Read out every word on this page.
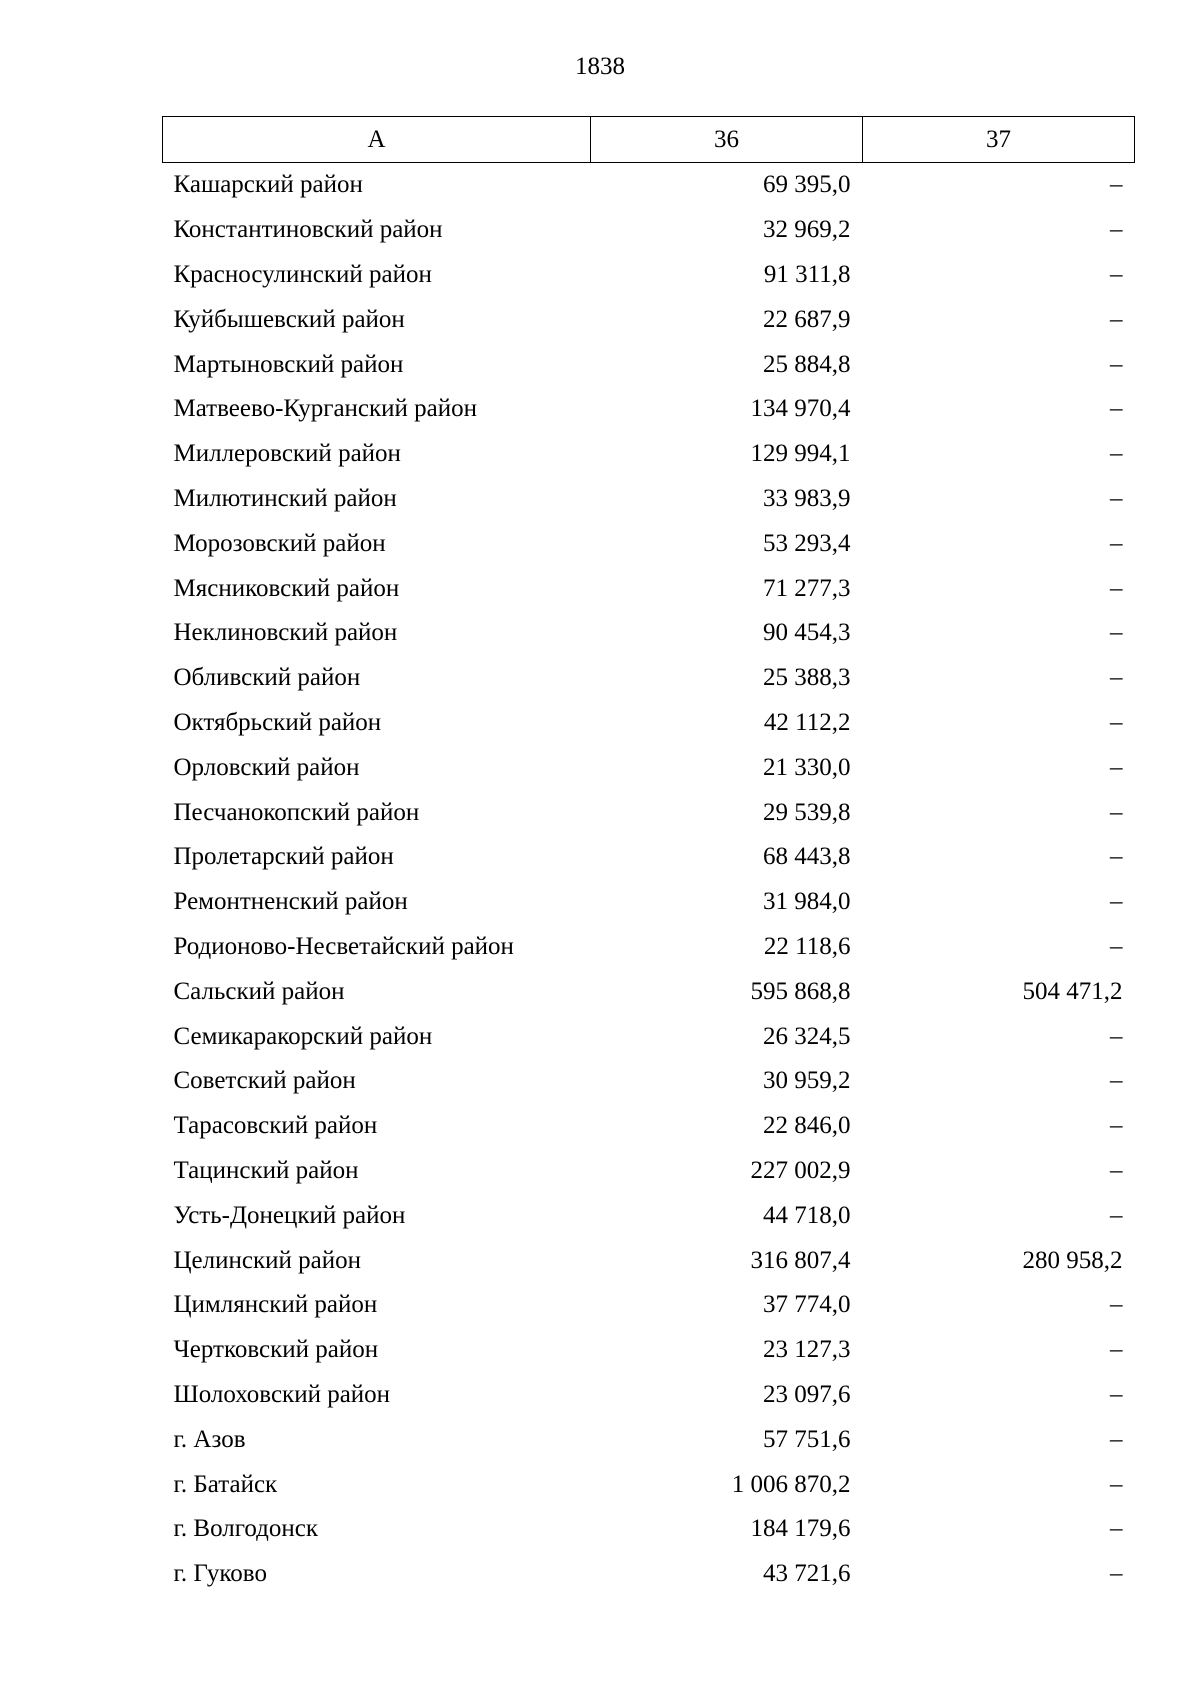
1838
А	36	37
Кашарский район	69 395,0	–
Константиновский район	32 969,2	–
Красносулинский район	91 311,8	–
Куйбышевский район	22 687,9	–
Мартыновский район	25 884,8	–
Матвеево-Курганский район	134 970,4	–
Миллеровский район	129 994,1	–
Милютинский район	33 983,9	–
Морозовский район	53 293,4	–
Мясниковский район	71 277,3	–
Неклиновский район	90 454,3	–
Обливский район	25 388,3	–
Октябрьский район	42 112,2	–
Орловский район	21 330,0	–
Песчанокопский район	29 539,8	–
Пролетарский район	68 443,8	–
Ремонтненский район	31 984,0	–
Родионово-Несветайский район	22 118,6	–
Сальский район	595 868,8	504 471,2
Семикаракорский район	26 324,5	–
Советский район	30 959,2	–
Тарасовский район	22 846,0	–
Тацинский район	227 002,9	–
Усть-Донецкий район	44 718,0	–
Целинский район	316 807,4	280 958,2
Цимлянский район	37 774,0	–
Чертковский район	23 127,3	–
Шолоховский район	23 097,6	–
г. Азов	57 751,6	–
г. Батайск	1 006 870,2	–
г. Волгодонск	184 179,6	–
г. Гуково	43 721,6	–
